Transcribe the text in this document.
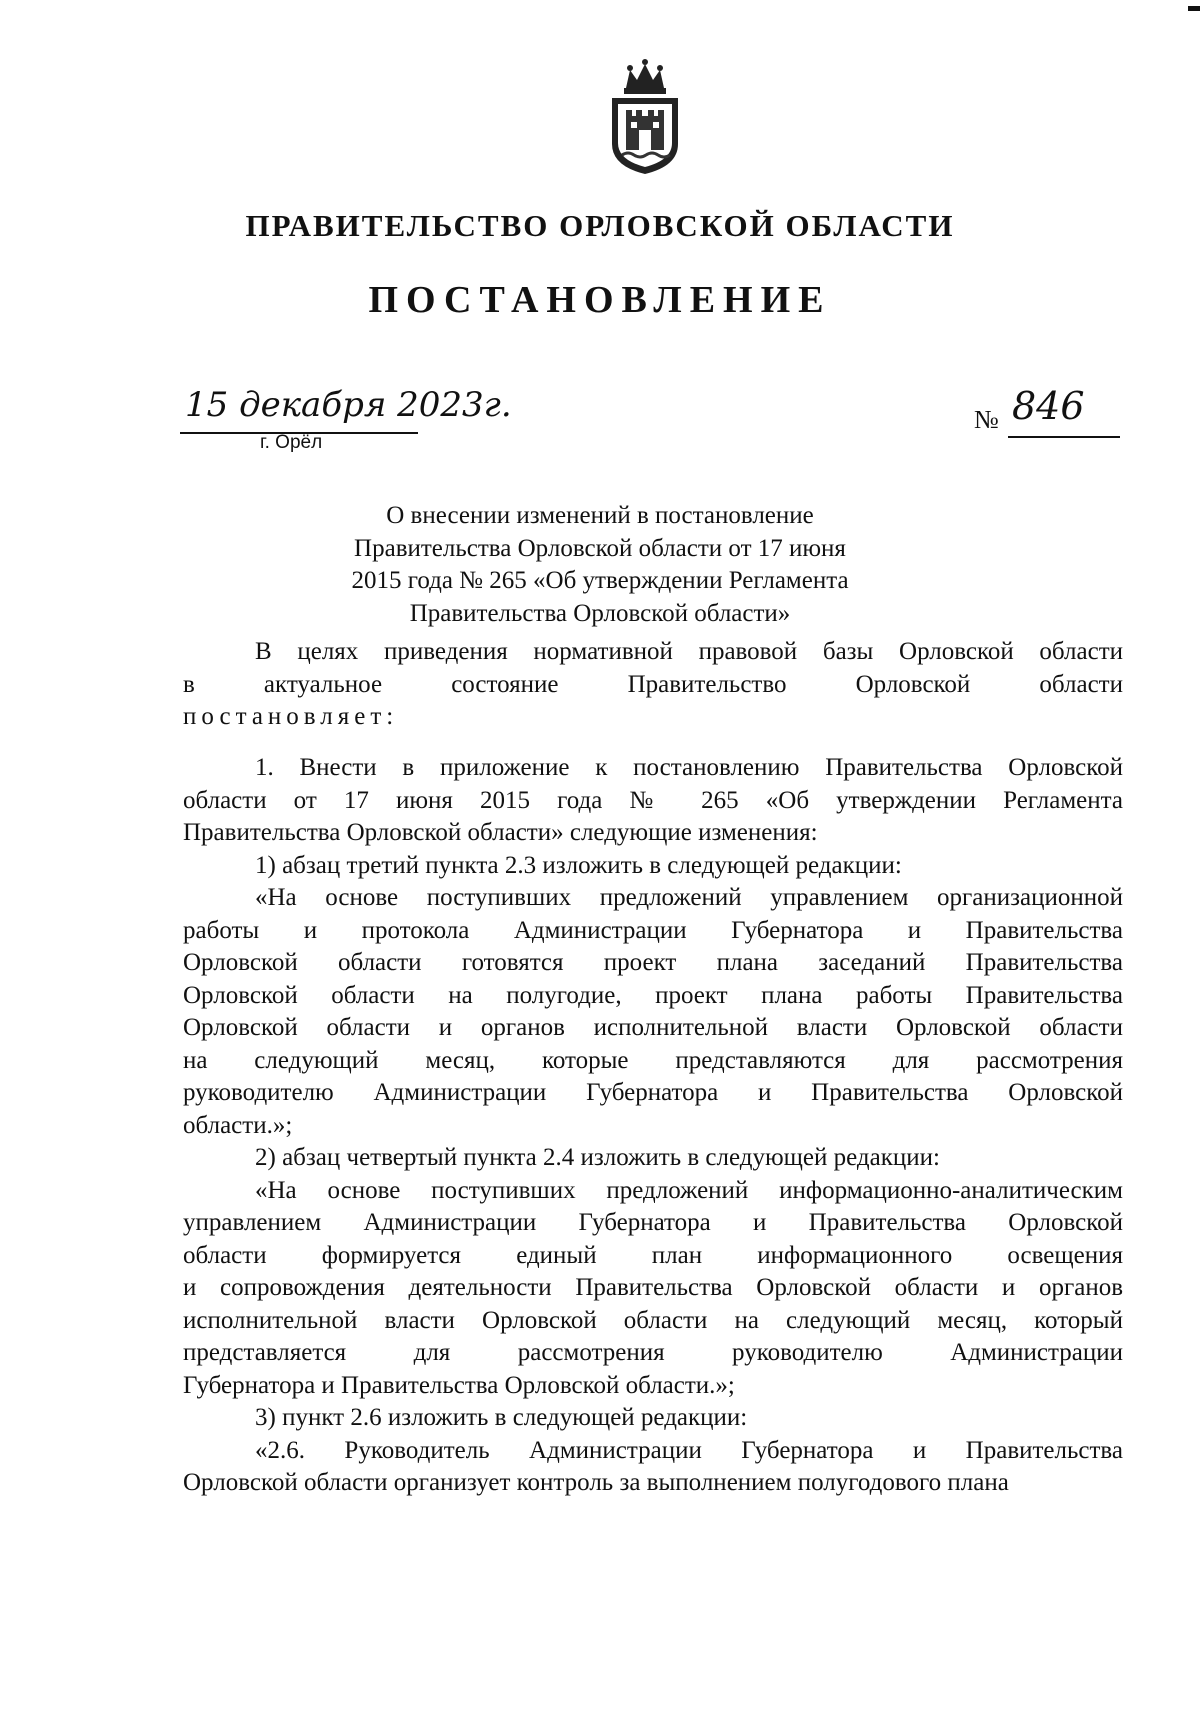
ПРАВИТЕЛЬСТВО ОРЛОВСКОЙ ОБЛАСТИ
ПОСТАНОВЛЕНИЕ
15 декабря 2023г.
г. Орёл
№ 846
О внесении изменений в постановление
Правительства Орловской области от 17 июня
2015 года № 265 «Об утверждении Регламента
Правительства Орловской области»
В целях приведения нормативной правовой базы Орловской области
в	актуальное	состояние	Правительство	Орловской	области
постановляет:
1. Внести в приложение к постановлению Правительства Орловской
области от 17 июня 2015 года № 265 «Об утверждении Регламента
Правительства Орловской области» следующие изменения:
1) абзац третий пункта 2.3 изложить в следующей редакции:
«На основе поступивших предложений управлением организационной
работы и протокола Администрации Губернатора и Правительства
Орловской области готовятся проект плана заседаний Правительства
Орловской области на полугодие, проект плана работы Правительства
Орловской области и органов исполнительной власти Орловской области
на следующий месяц, которые представляются для рассмотрения
руководителю Администрации Губернатора и Правительства Орловской
области.»;
2) абзац четвертый пункта 2.4 изложить в следующей редакции:
«На основе поступивших предложений информационно-аналитическим
управлением Администрации Губернатора и Правительства Орловской
области формируется единый план информационного освещения
и сопровождения деятельности Правительства Орловской области и органов
исполнительной власти Орловской области на следующий месяц, который
представляется для рассмотрения руководителю Администрации
Губернатора и Правительства Орловской области.»;
3) пункт 2.6 изложить в следующей редакции:
«2.6. Руководитель Администрации Губернатора и Правительства
Орловской области организует контроль за выполнением полугодового плана
